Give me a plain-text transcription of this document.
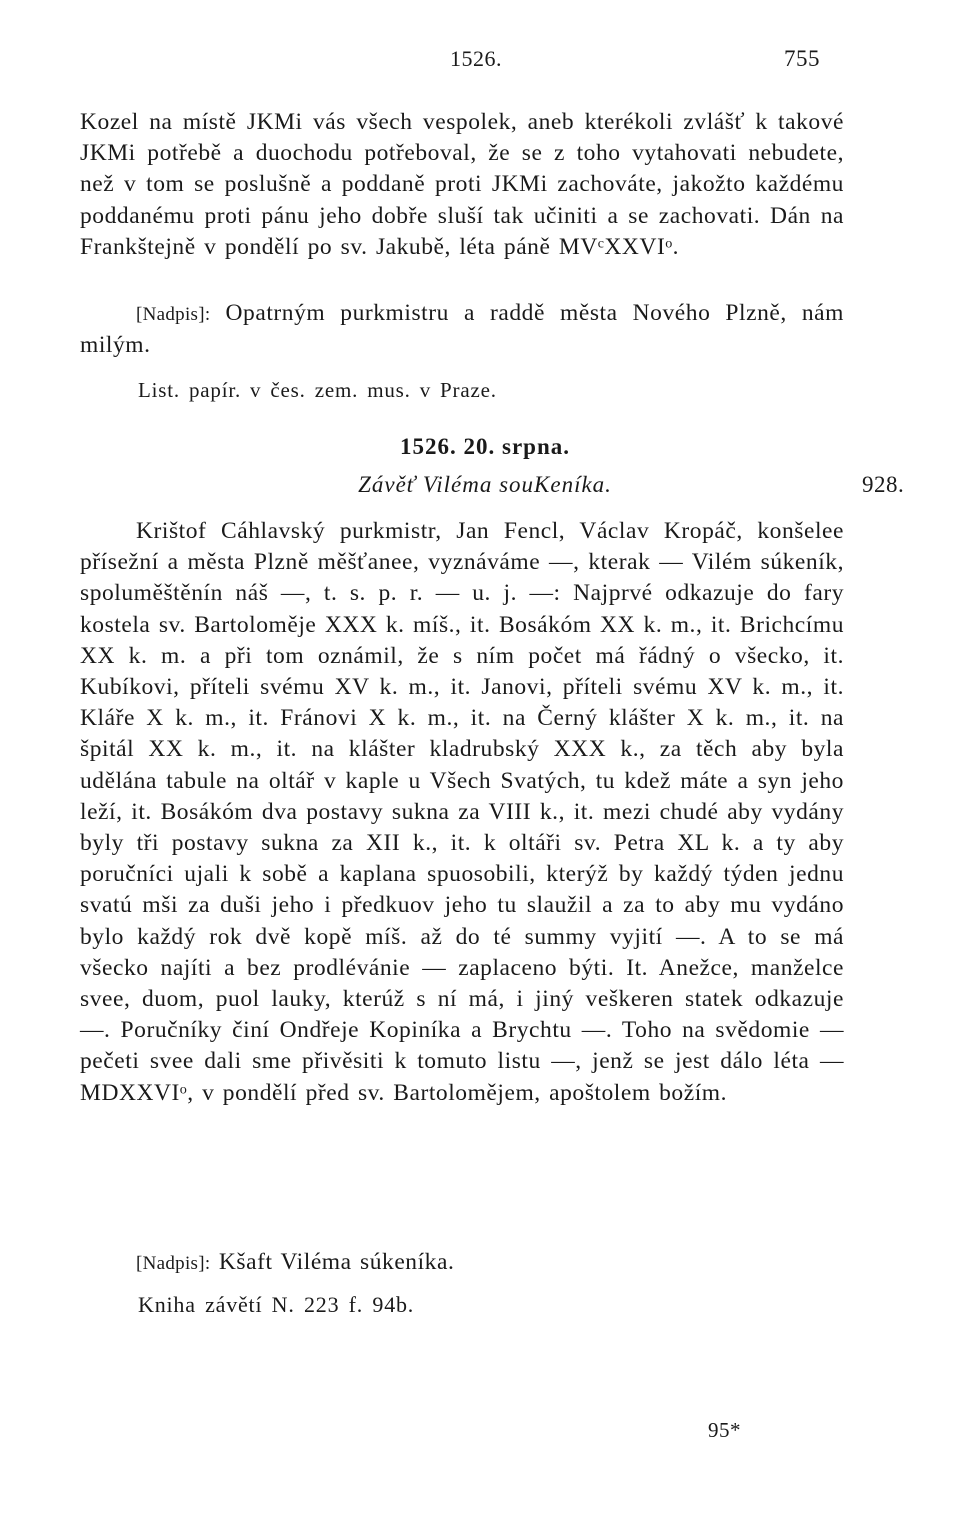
1526.	755
Kozel na místě JKMi vás všech vespolek, aneb kterékoli zvlášť k takové JKMi potřebě a duochodu potřeboval, že se z toho vytahovati nebudete, než v tom se poslušně a poddaně proti JKMi zachováte, jakožto každému poddanému proti pánu jeho dobře sluší tak učiniti a se zachovati. Dán na Frankštejně v pondělí po sv. Jakubě, léta páně MVᶜXXVIᵒ.
[Nadpis]: Opatrným purkmistru a raddě města Nového Plzně, nám milým.
List. papír. v čes. zem. mus. v Praze.
1526. 20. srpna.
Závěť Viléma souKeníka.	928.
Krištof Cáhlavský purkmistr, Jan Fencl, Václav Kropáč, konšelee přísežní a města Plzně měšťanee, vyznáváme —, kterak — Vilém súkeník, spoluměštěnín náš —, t. s. p. r. — u. j. —: Najprvé odkazuje do fary kostela sv. Bartoloměje XXX k. míš., it. Bosákóm XX k. m., it. Brichcímu XX k. m. a při tom oznámil, že s ním počet má řádný o všecko, it. Kubíkovi, příteli svému XV k. m., it. Janovi, příteli svému XV k. m., it. Kláře X k. m., it. Fránovi X k. m., it. na Černý klášter X k. m., it. na špitál XX k. m., it. na klášter kladrubský XXX k., za těch aby byla udělána tabule na oltář v kaple u Všech Svatých, tu kdež máte a syn jeho leží, it. Bosákóm dva postavy sukna za VIII k., it. mezi chudé aby vydány byly tři postavy sukna za XII k., it. k oltáři sv. Petra XL k. a ty aby poručníci ujali k sobě a kaplana spuosobili, kterýž by každý týden jednu svatú mši za duši jeho i předkuov jeho tu slaužil a za to aby mu vydáno bylo každý rok dvě kopě míš. až do té summy vyjití —. A to se má všecko najíti a bez prodlévánie — zaplaceno býti. It. Anežce, manželce svee, duom, puol lauky, kterúž s ní má, i jiný veškeren statek odkazuje —. Poručníky činí Ondřeje Kopiníka a Brychtu —. Toho na svědomie — pečeti svee dali sme přivěsiti k tomuto listu —, jenž se jest dálo léta — MDXXVIᵒ, v pondělí před sv. Bartolomějem, apoštolem božím.
[Nadpis]: Kšaft Viléma súkeníka.
Kniha závětí N. 223 f. 94b.
95*
